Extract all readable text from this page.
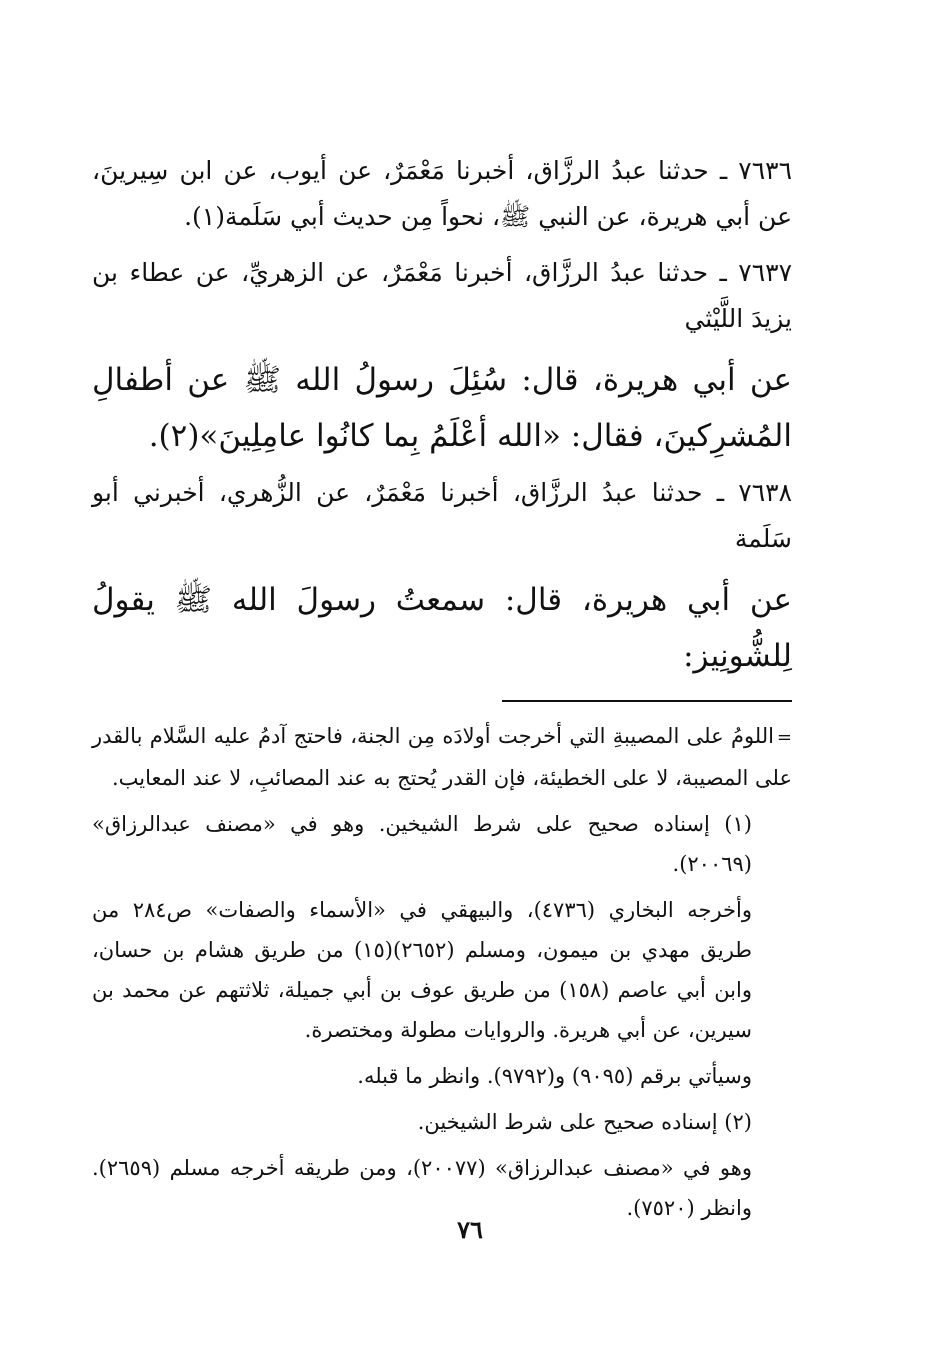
٧٦٣٦ ـ حدثنا عبدُ الرزَّاق، أخبرنا مَعْمَرٌ، عن أيوب، عن ابن سِيرينَ، عن أبي هريرة، عن النبي ﷺ، نحواً مِن حديث أبي سَلَمة(١).

٧٦٣٧ ـ حدثنا عبدُ الرزَّاق، أخبرنا مَعْمَرٌ، عن الزهريِّ، عن عطاء بن يزيدَ اللَّيْثي

عن أبي هريرة، قال: سُئِلَ رسولُ الله ﷺ عن أطفالِ المُشرِكينَ، فقال: «الله أعْلَمُ بِما كانُوا عامِلِينَ»(٢).

٧٦٣٨ ـ حدثنا عبدُ الرزَّاق، أخبرنا مَعْمَرٌ، عن الزُّهري، أخبرني أبو سَلَمة

عن أبي هريرة، قال: سمعتُ رسولَ الله ﷺ يقولُ لِلشُّونِيز:

=اللومُ على المصيبةِ التي أخرجت أولادَه مِن الجنة، فاحتج آدمُ عليه السَّلام بالقدر على المصيبة، لا على الخطيئة، فإن القدر يُحتج به عند المصائبِ، لا عند المعايب.

(١) إسناده صحيح على شرط الشيخين. وهو في «مصنف عبدالرزاق» (٢٠٠٦٩).

وأخرجه البخاري (٤٧٣٦)، والبيهقي في «الأسماء والصفات» ص٢٨٤ من طريق مهدي بن ميمون، ومسلم (٢٦٥٢)(١٥) من طريق هشام بن حسان، وابن أبي عاصم (١٥٨) من طريق عوف بن أبي جميلة، ثلاثتهم عن محمد بن سيرين، عن أبي هريرة. والروايات مطولة ومختصرة.

وسيأتي برقم (٩٠٩٥) و(٩٧٩٢). وانظر ما قبله.

(٢) إسناده صحيح على شرط الشيخين.

وهو في «مصنف عبدالرزاق» (٢٠٠٧٧)، ومن طريقه أخرجه مسلم (٢٦٥٩). وانظر (٧٥٢٠).

٧٦
